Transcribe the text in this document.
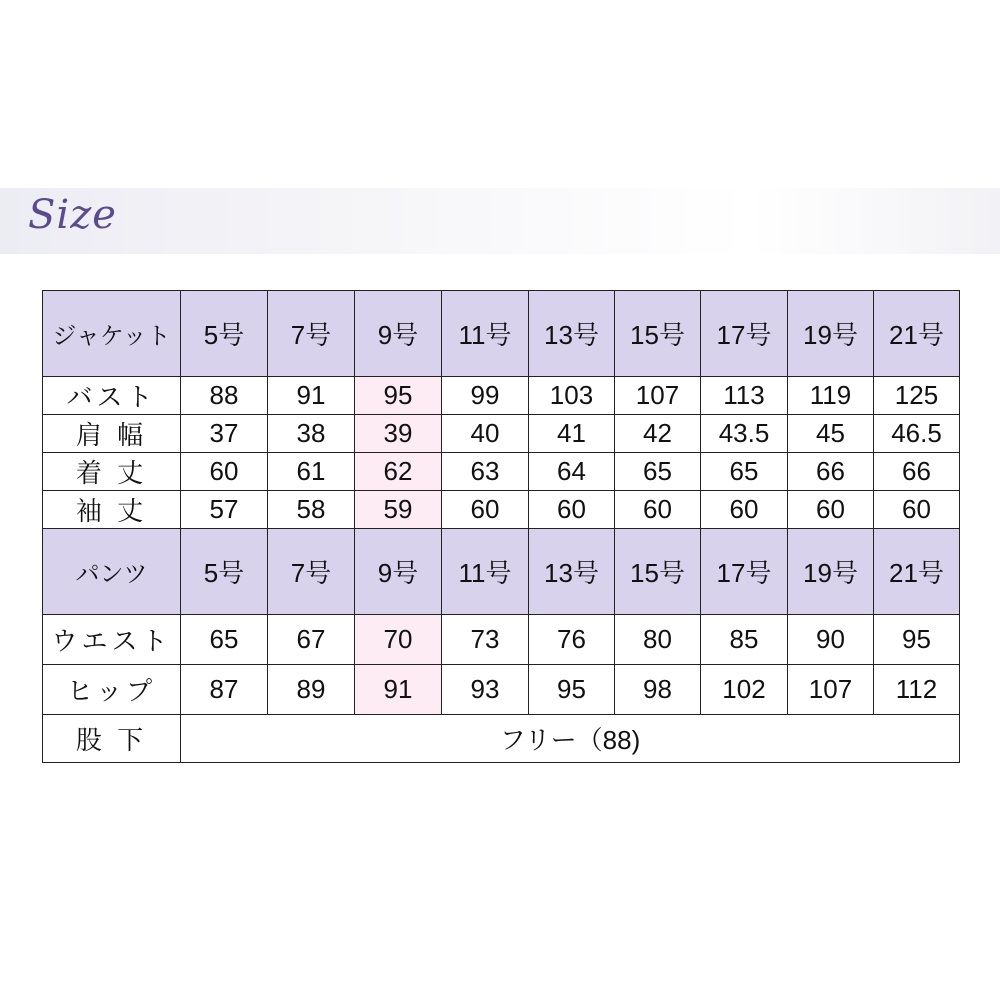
Size
ジャケット	5号	7号	9号	11号	13号	15号	17号	19号	21号
バスト	88	91	95	99	103	107	113	119	125
肩 幅	37	38	39	40	41	42	43.5	45	46.5
着 丈	60	61	62	63	64	65	65	66	66
袖 丈	57	58	59	60	60	60	60	60	60
パンツ	5号	7号	9号	11号	13号	15号	17号	19号	21号
ウエスト	65	67	70	73	76	80	85	90	95
ヒップ	87	89	91	93	95	98	102	107	112
股 下	フリー（88)								
